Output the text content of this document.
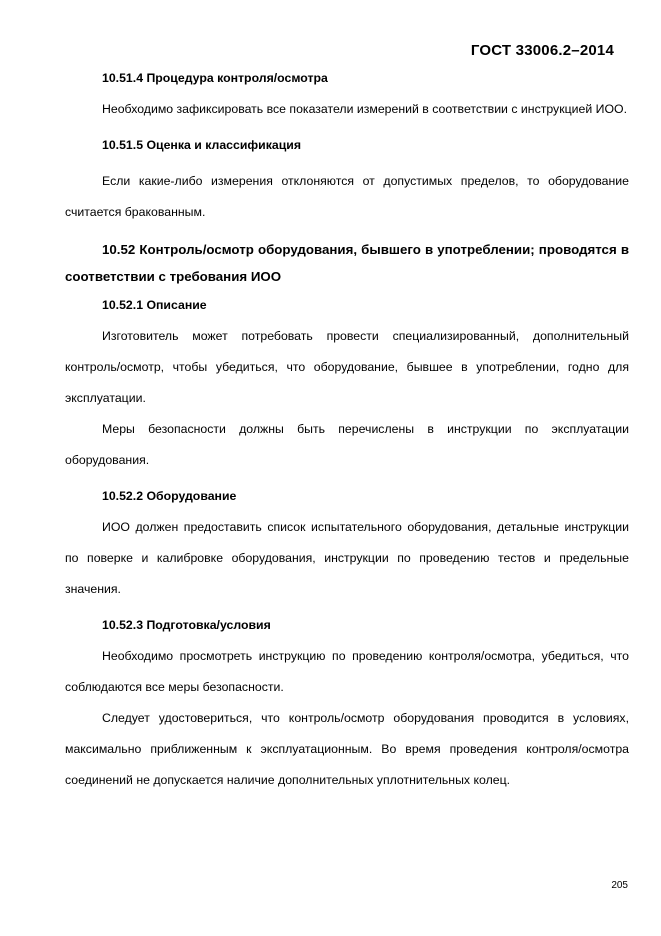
ГОСТ 33006.2–2014

10.51.4 Процедура контроля/осмотра

Необходимо зафиксировать все показатели измерений в соответствии с инструкцией ИОО.

10.51.5 Оценка и классификация

Если какие-либо измерения отклоняются от допустимых пределов, то оборудование считается бракованным.

10.52 Контроль/осмотр оборудования, бывшего в употреблении; проводятся в соответствии с требования ИОО

10.52.1 Описание

Изготовитель может потребовать провести специализированный, дополнительный контроль/осмотр, чтобы убедиться, что оборудование, бывшее в употреблении, годно для эксплуатации.

Меры безопасности должны быть перечислены в инструкции по эксплуатации оборудования.

10.52.2 Оборудование

ИОО должен предоставить список испытательного оборудования, детальные инструкции по поверке и калибровке оборудования, инструкции по проведению тестов и предельные значения.

10.52.3 Подготовка/условия

Необходимо просмотреть инструкцию по проведению контроля/осмотра, убедиться, что соблюдаются все меры безопасности.

Следует удостовериться, что контроль/осмотр оборудования проводится в условиях, максимально приближенным к эксплуатационным. Во время проведения контроля/осмотра соединений не допускается наличие дополнительных уплотнительных колец.

205
